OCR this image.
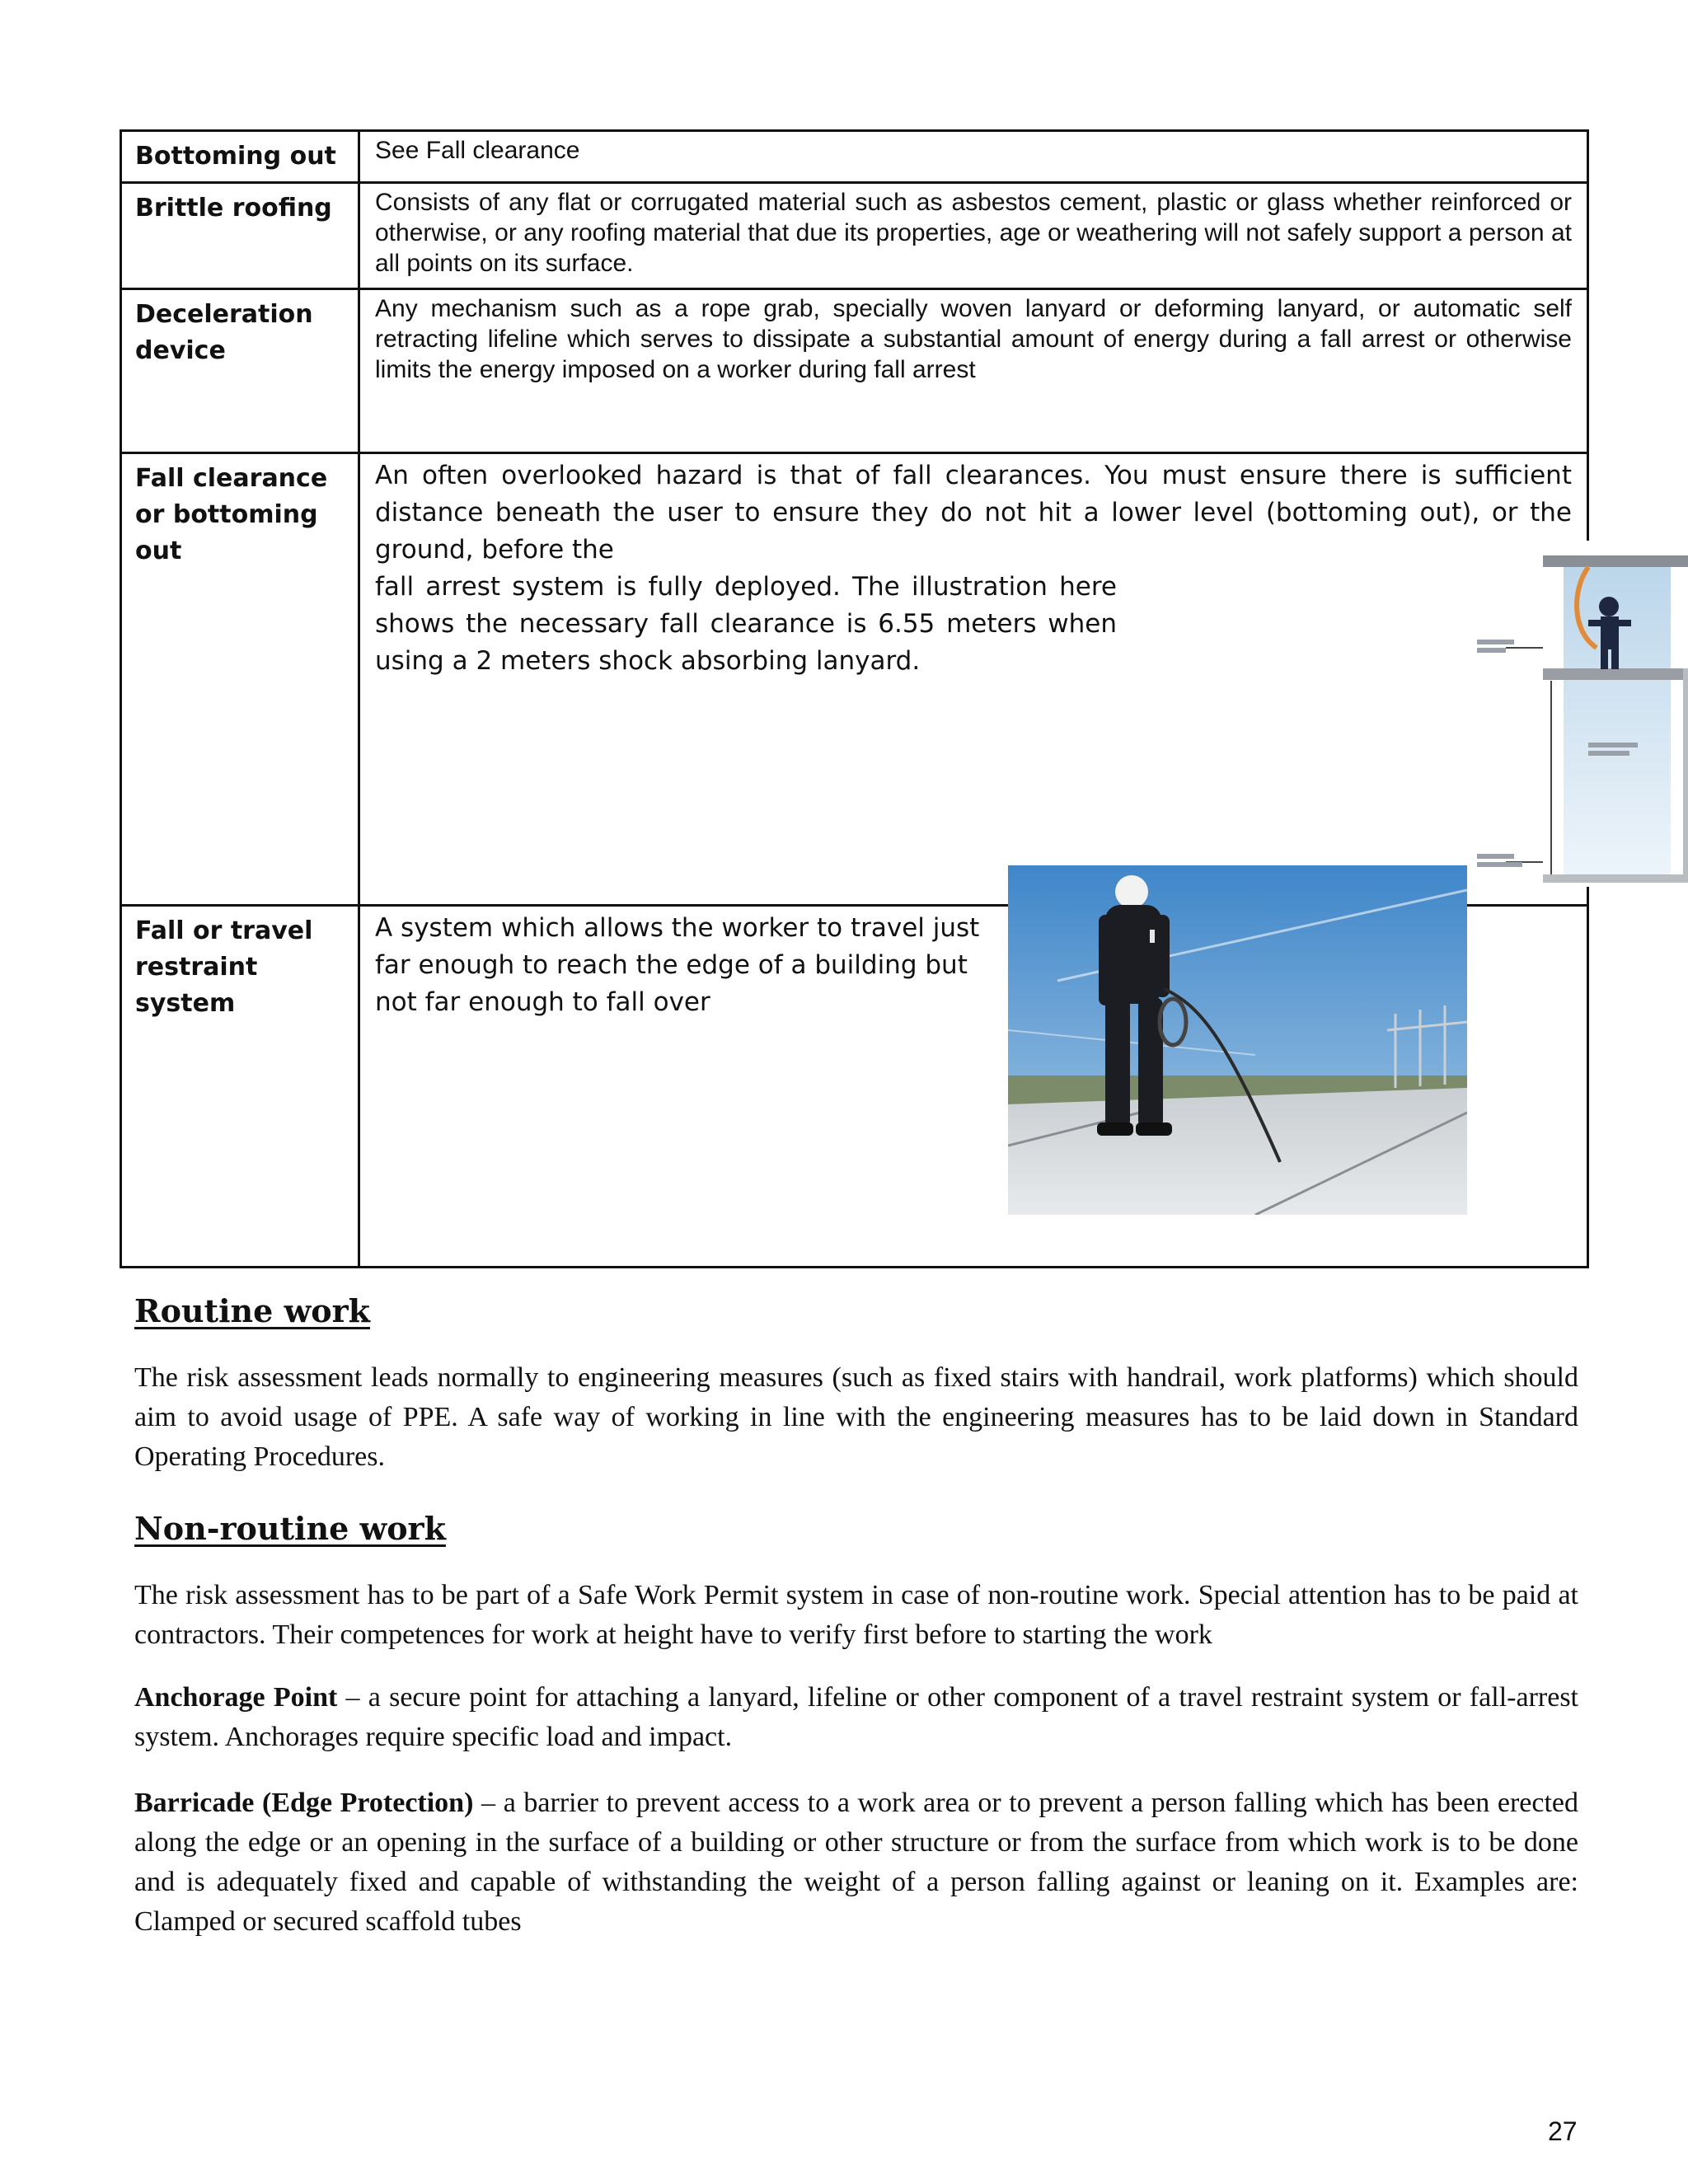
Bottoming out	See Fall clearance
Brittle roofing	Consists of any flat or corrugated material such as asbestos cement, plastic or glass whether reinforced or otherwise, or any roofing material that due its properties, age or weathering will not safely support a person at all points on its surface.
Deceleration device	Any mechanism such as a rope grab, specially woven lanyard or deforming lanyard, or automatic self retracting lifeline which serves to dissipate a substantial amount of energy during a fall arrest or otherwise limits the energy imposed on a worker during fall arrest
Fall clearance or bottoming out	An often overlooked hazard is that of fall clearances. You must ensure there is sufficient distance beneath the user to ensure they do not hit a lower level (bottoming out), or the ground, before the
fall arrest system is fully deployed. The illustration here shows the necessary fall clearance is 6.55 meters when using a 2 meters shock absorbing lanyard.

Fall or travel restraint system	A system which allows the worker to travel just far enough to reach the edge of a building but not far enough to fall over
Routine work
The risk assessment leads normally to engineering measures (such as fixed stairs with handrail, work platforms) which should aim to avoid usage of PPE. A safe way of working in line with the engineering measures has to be laid down in Standard Operating Procedures.
Non-routine work
The risk assessment has to be part of a Safe Work Permit system in case of non-routine work. Special attention has to be paid at contractors. Their competences for work at height have to verify first before to starting the work
Anchorage Point – a secure point for attaching a lanyard, lifeline or other component of a travel restraint system or fall-arrest system. Anchorages require specific load and impact.
Barricade (Edge Protection) – a barrier to prevent access to a work area or to prevent a person falling which has been erected along the edge or an opening in the surface of a building or other structure or from the surface from which work is to be done and is adequately fixed and capable of withstanding the weight of a person falling against or leaning on it. Examples are: Clamped or secured scaffold tubes
27
